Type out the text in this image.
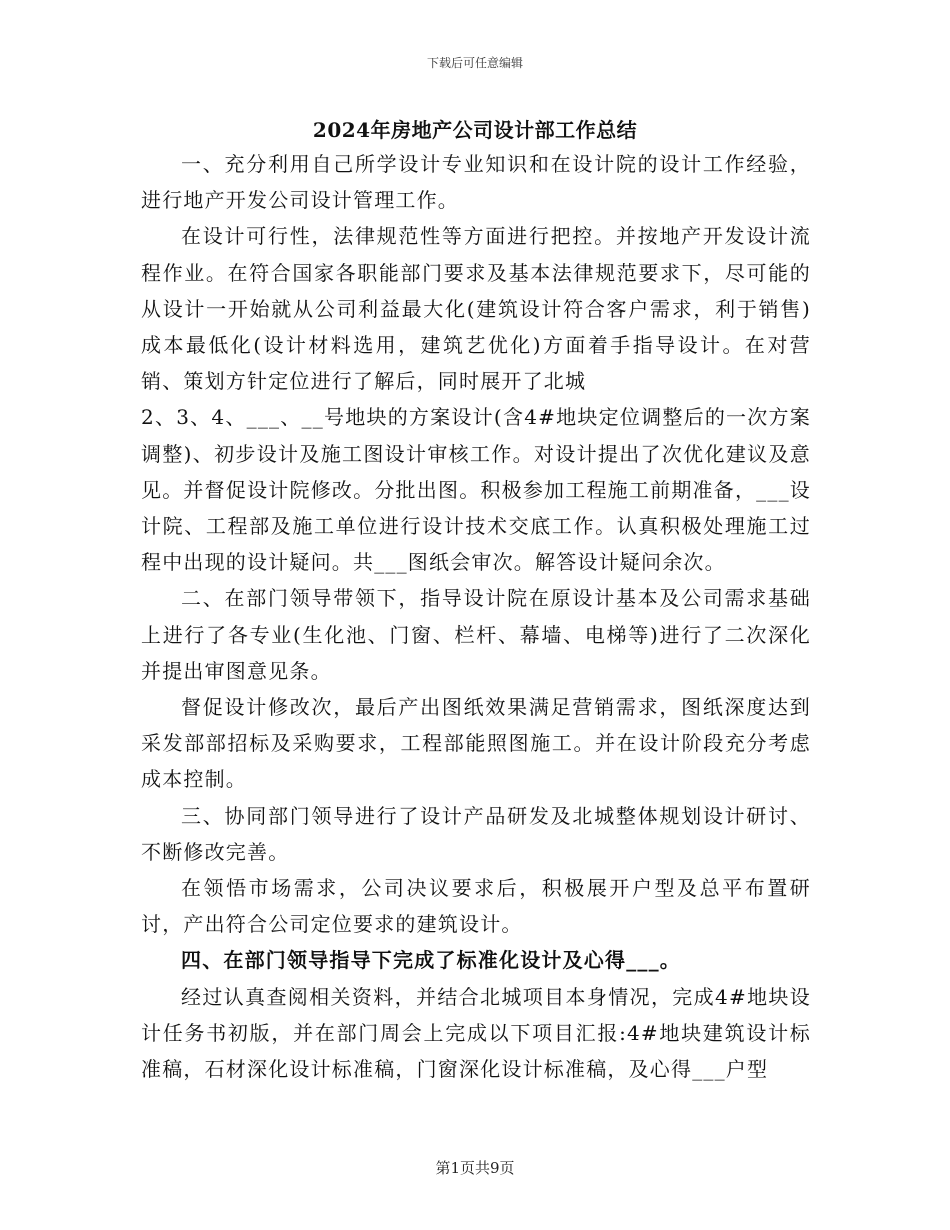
下载后可任意编辑
2024年房地产公司设计部工作总结

一、充分利用自己所学设计专业知识和在设计院的设计工作经验，进行地产开发公司设计管理工作。

在设计可行性，法律规范性等方面进行把控。并按地产开发设计流程作业。在符合国家各职能部门要求及基本法律规范要求下，尽可能的从设计一开始就从公司利益最大化(建筑设计符合客户需求，利于销售)成本最低化(设计材料选用，建筑艺优化)方面着手指导设计。在对营销、策划方针定位进行了解后，同时展开了北城

2、3、4、___、__号地块的方案设计(含4#地块定位调整后的一次方案调整)、初步设计及施工图设计审核工作。对设计提出了次优化建议及意见。并督促设计院修改。分批出图。积极参加工程施工前期准备，___设计院、工程部及施工单位进行设计技术交底工作。认真积极处理施工过程中出现的设计疑问。共___图纸会审次。解答设计疑问余次。

二、在部门领导带领下，指导设计院在原设计基本及公司需求基础上进行了各专业(生化池、门窗、栏杆、幕墙、电梯等)进行了二次深化并提出审图意见条。

督促设计修改次，最后产出图纸效果满足营销需求，图纸深度达到采发部部招标及采购要求，工程部能照图施工。并在设计阶段充分考虑成本控制。

三、协同部门领导进行了设计产品研发及北城整体规划设计研讨、不断修改完善。

在领悟市场需求，公司决议要求后，积极展开户型及总平布置研讨，产出符合公司定位要求的建筑设计。

四、在部门领导指导下完成了标准化设计及心得___。

经过认真查阅相关资料，并结合北城项目本身情况，完成4#地块设计任务书初版，并在部门周会上完成以下项目汇报:4#地块建筑设计标准稿，石材深化设计标准稿，门窗深化设计标准稿，及心得___户型

第1页共9页
